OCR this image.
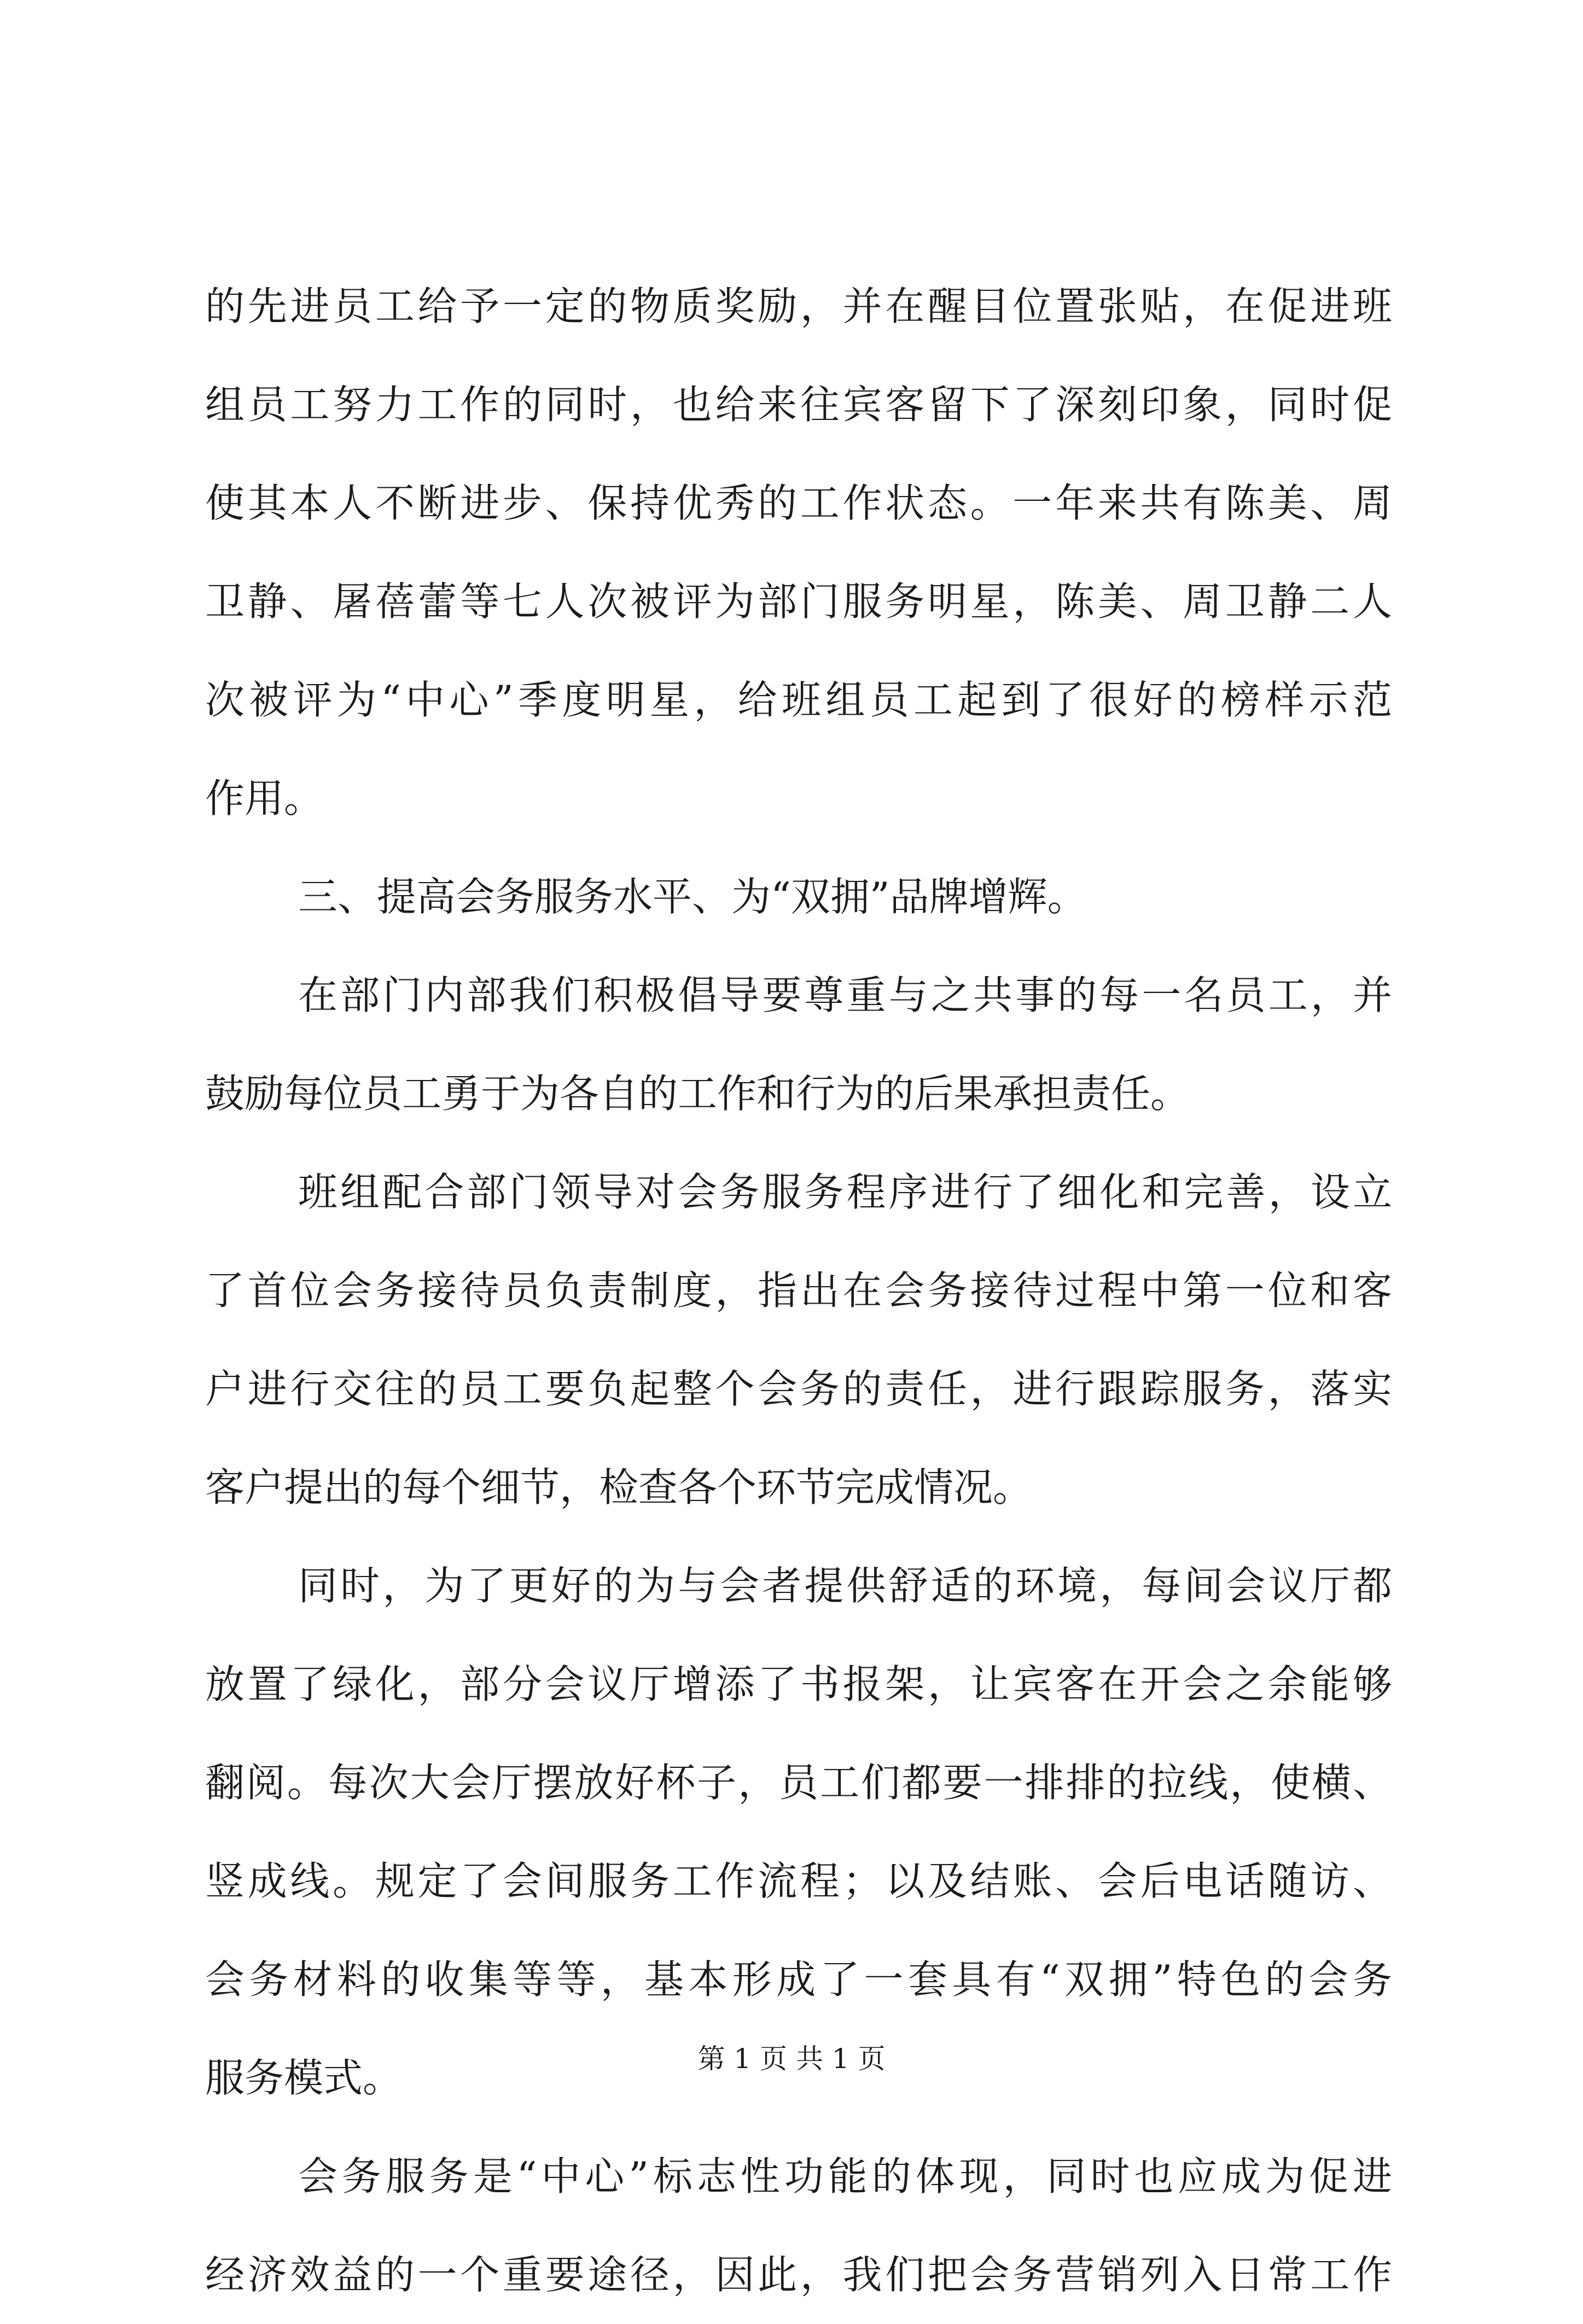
的先进员工给予一定的物质奖励，并在醒目位置张贴，在促进班
组员工努力工作的同时，也给来往宾客留下了深刻印象，同时促
使其本人不断进步、保持优秀的工作状态。一年来共有陈美、周
卫静、屠蓓蕾等七人次被评为部门服务明星，陈美、周卫静二人
次被评为“中心”季度明星，给班组员工起到了很好的榜样示范
作用。
三、提高会务服务水平、为“双拥”品牌增辉。
在部门内部我们积极倡导要尊重与之共事的每一名员工，并
鼓励每位员工勇于为各自的工作和行为的后果承担责任。
班组配合部门领导对会务服务程序进行了细化和完善，设立
了首位会务接待员负责制度，指出在会务接待过程中第一位和客
户进行交往的员工要负起整个会务的责任，进行跟踪服务，落实
客户提出的每个细节，检查各个环节完成情况。
同时，为了更好的为与会者提供舒适的环境，每间会议厅都
放置了绿化，部分会议厅增添了书报架，让宾客在开会之余能够
翻阅。每次大会厅摆放好杯子，员工们都要一排排的拉线，使横、
竖成线。规定了会间服务工作流程；以及结账、会后电话随访、
会务材料的收集等等，基本形成了一套具有“双拥”特色的会务
服务模式。
会务服务是“中心”标志性功能的体现，同时也应成为促进
经济效益的一个重要途径，因此，我们把会务营销列入日常工作
第 1 页 共 1 页
